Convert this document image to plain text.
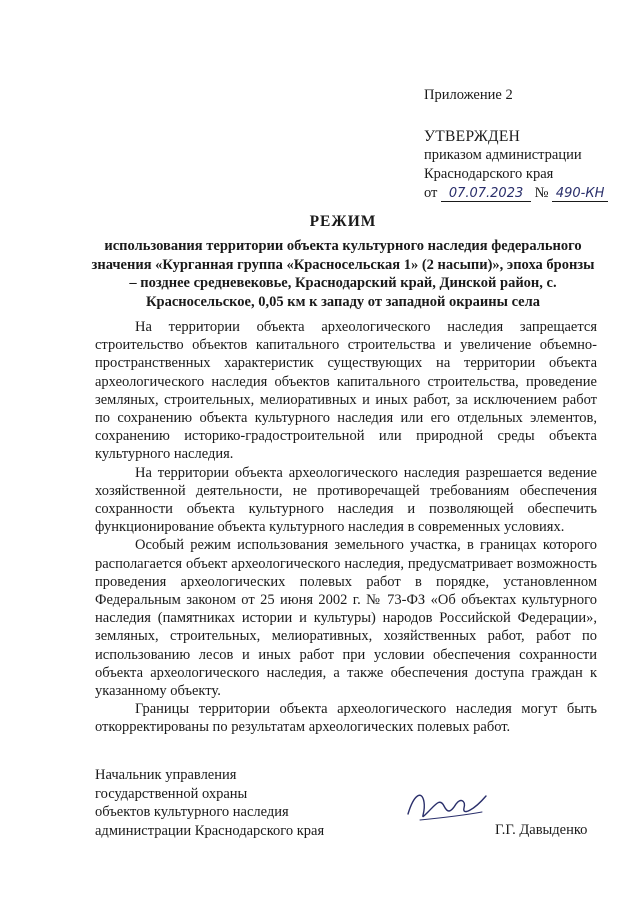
Приложение 2
УТВЕРЖДЕН
приказом администрации
Краснодарского края
от 07.07.2023 № 490-КН
РЕЖИМ
использования территории объекта культурного наследия федерального значения «Курганная группа «Красносельская 1» (2 насыпи)», эпоха бронзы – позднее средневековье, Краснодарский край, Динской район, с. Красносельское, 0,05 км к западу от западной окраины села

На территории объекта археологического наследия запрещается строительство объектов капитального строительства и увеличение объемно-пространственных характеристик существующих на территории объекта археологического наследия объектов капитального строительства, проведение земляных, строительных, мелиоративных и иных работ, за исключением работ по сохранению объекта культурного наследия или его отдельных элементов, сохранению историко-градостроительной или природной среды объекта культурного наследия.

На территории объекта археологического наследия разрешается ведение хозяйственной деятельности, не противоречащей требованиям обеспечения сохранности объекта культурного наследия и позволяющей обеспечить функционирование объекта культурного наследия в современных условиях.

Особый режим использования земельного участка, в границах которого располагается объект археологического наследия, предусматривает возможность проведения археологических полевых работ в порядке, установленном Федеральным законом от 25 июня 2002 г. № 73-ФЗ «Об объектах культурного наследия (памятниках истории и культуры) народов Российской Федерации», земляных, строительных, мелиоративных, хозяйственных работ, работ по использованию лесов и иных работ при условии обеспечения сохранности объекта археологического наследия, а также обеспечения доступа граждан к указанному объекту.

Границы территории объекта археологического наследия могут быть откорректированы по результатам археологических полевых работ.

Начальник управления
государственной охраны
объектов культурного наследия
администрации Краснодарского края	Г.Г. Давыденко
